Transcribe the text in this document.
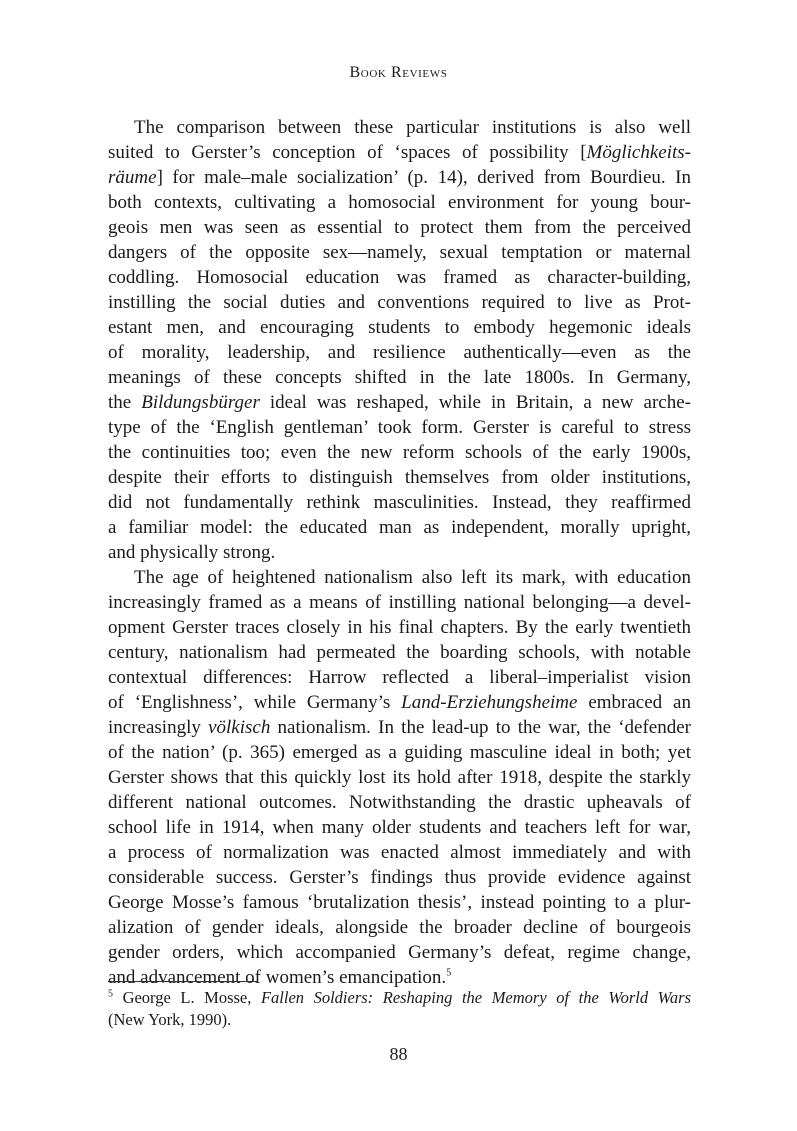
Book Reviews
The comparison between these particular institutions is also well
suited to Gerster’s conception of ‘spaces of possibility [Möglichkeits-
räume] for male–male socialization’ (p. 14), derived from Bourdieu. In
both contexts, cultivating a homosocial environment for young bour-
geois men was seen as essential to protect them from the perceived
dangers of the opposite sex—namely, sexual temptation or maternal
coddling. Homosocial education was framed as character-building,
instilling the social duties and conventions required to live as Prot-
estant men, and encouraging students to embody hegemonic ideals
of morality, leadership, and resilience authentically—even as the
meanings of these concepts shifted in the late 1800s. In Germany,
the Bildungsbürger ideal was reshaped, while in Britain, a new arche-
type of the ‘English gentleman’ took form. Gerster is careful to stress
the continuities too; even the new reform schools of the early 1900s,
despite their efforts to distinguish themselves from older institutions,
did not fundamentally rethink masculinities. Instead, they reaffirmed
a familiar model: the educated man as independent, morally upright,
and physically strong.
The age of heightened nationalism also left its mark, with education
increasingly framed as a means of instilling national belonging—a devel-
opment Gerster traces closely in his final chapters. By the early twentieth
century, nationalism had permeated the boarding schools, with notable
contextual differences: Harrow reflected a liberal–imperialist vision
of ‘Englishness’, while Germany’s Land-Erziehungsheime embraced an
increasingly völkisch nationalism. In the lead-up to the war, the ‘defender
of the nation’ (p. 365) emerged as a guiding masculine ideal in both; yet
Gerster shows that this quickly lost its hold after 1918, despite the starkly
different national outcomes. Notwithstanding the drastic upheavals of
school life in 1914, when many older students and teachers left for war,
a process of normalization was enacted almost immediately and with
considerable success. Gerster’s findings thus provide evidence against
George Mosse’s famous ‘brutalization thesis’, instead pointing to a plur-
alization of gender ideals, alongside the broader decline of bourgeois
gender orders, which accompanied Germany’s defeat, regime change,
and advancement of women’s emancipation.$^5$
$^5$ George L. Mosse, Fallen Soldiers: Reshaping the Memory of the World Wars
(New York, 1990).
88
